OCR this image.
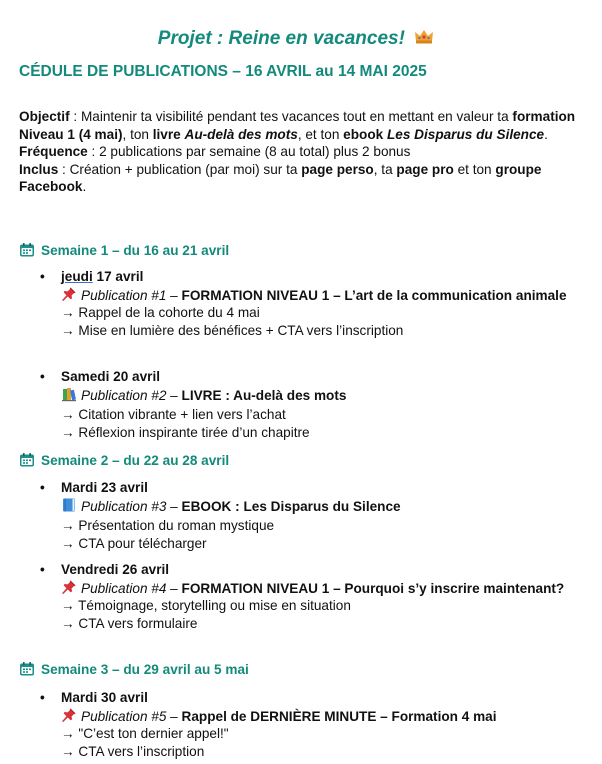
Projet : Reine en vacances!
CÉDULE DE PUBLICATIONS – 16 AVRIL au 14 MAI 2025

Objectif : Maintenir ta visibilité pendant tes vacances tout en mettant en valeur ta formation Niveau 1 (4 mai), ton livre Au-delà des mots, et ton ebook Les Disparus du Silence.

Fréquence : 2 publications par semaine (8 au total) plus 2 bonus

Inclus : Création + publication (par moi) sur ta page perso, ta page pro et ton groupe Facebook.

Semaine 1 – du 16 au 21 avril
• jeudi 17 avril
Publication #1 – FORMATION NIVEAU 1 – L’art de la communication animale
→ Rappel de la cohorte du 4 mai
→ Mise en lumière des bénéfices + CTA vers l’inscription
• Samedi 20 avril
Publication #2 – LIVRE : Au-delà des mots
→ Citation vibrante + lien vers l’achat
→ Réflexion inspirante tirée d’un chapitre
Semaine 2 – du 22 au 28 avril
• Mardi 23 avril
Publication #3 – EBOOK : Les Disparus du Silence
→ Présentation du roman mystique
→ CTA pour télécharger
• Vendredi 26 avril
Publication #4 – FORMATION NIVEAU 1 – Pourquoi s’y inscrire maintenant?
→ Témoignage, storytelling ou mise en situation
→ CTA vers formulaire
Semaine 3 – du 29 avril au 5 mai
• Mardi 30 avril
Publication #5 – Rappel de DERNIÈRE MINUTE – Formation 4 mai
→ "C’est ton dernier appel!"
→ CTA vers l’inscription
